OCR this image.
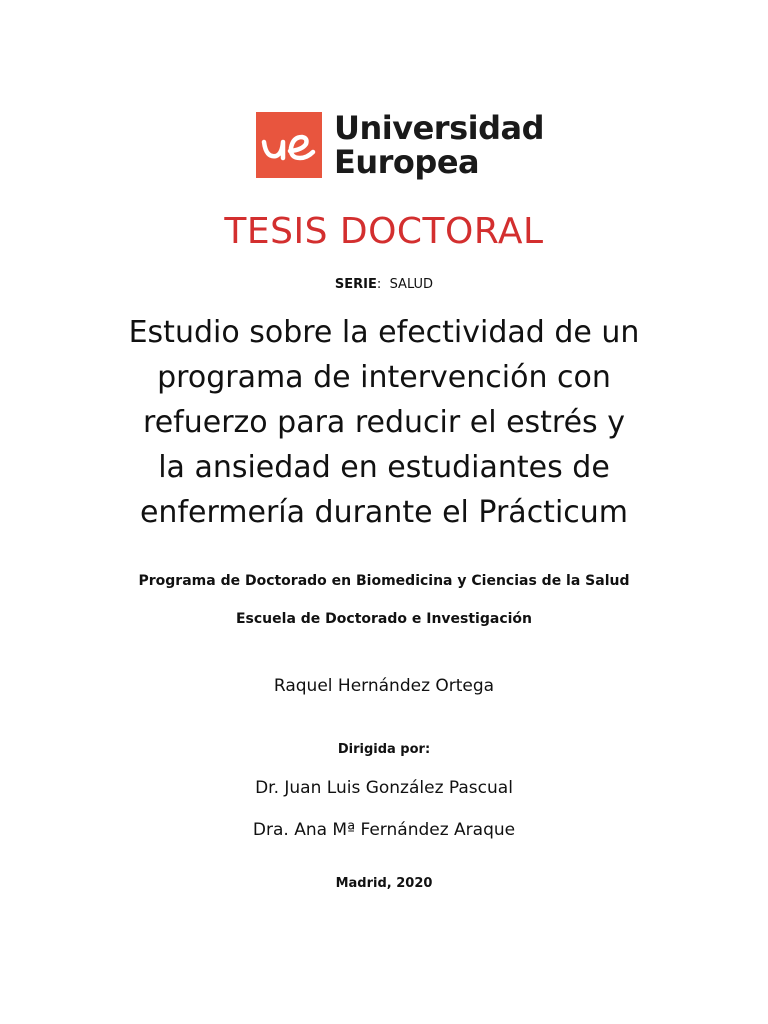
Universidad
Europea
TESIS DOCTORAL
SERIE: SALUD
Estudio sobre la efectividad de un
programa de intervención con
refuerzo para reducir el estrés y
la ansiedad en estudiantes de
enfermería durante el Prácticum
Programa de Doctorado en Biomedicina y Ciencias de la Salud
Escuela de Doctorado e Investigación
Raquel Hernández Ortega
Dirigida por:
Dr. Juan Luis González Pascual
Dra. Ana Mª Fernández Araque
Madrid, 2020
